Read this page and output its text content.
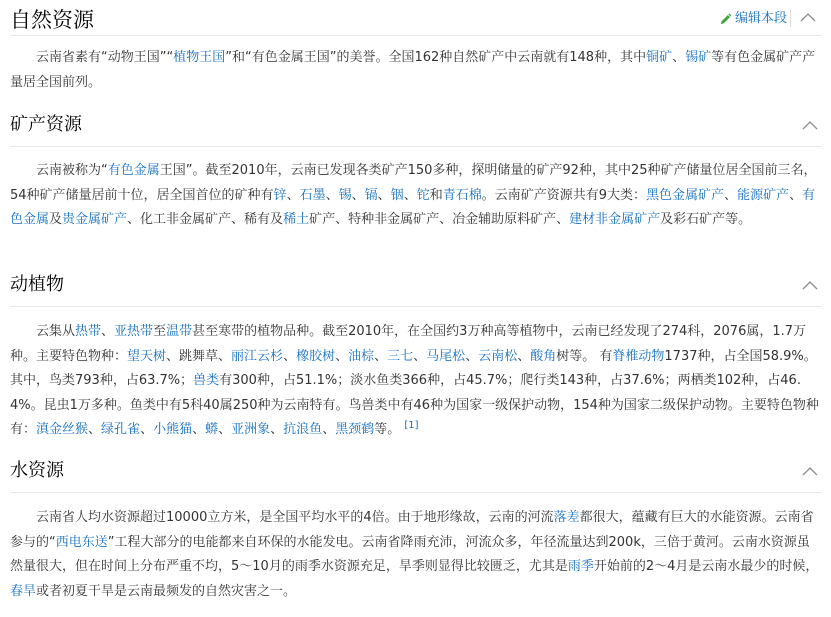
自然资源	编辑本段

云南省素有“动物王国”“植物王国”和“有色金属王国”的美誉。全国162种自然矿产中云南就有148种，其中铜矿、锡矿等有色金属矿产产量居全国前列。

矿产资源

云南被称为“有色金属王国”。截至2010年，云南已发现各类矿产150多种，探明储量的矿产92种，其中25种矿产储量位居全国前三名，54种矿产储量居前十位，居全国首位的矿种有锌、石墨、锡、镉、铟、铊和青石棉。云南矿产资源共有9大类：黑色金属矿产、能源矿产、有色金属及贵金属矿产、化工非金属矿产、稀有及稀土矿产、特种非金属矿产、冶金辅助原料矿产、建材非金属矿产及彩石矿产等。

动植物

云集从热带、亚热带至温带甚至寒带的植物品种。截至2010年，在全国约3万种高等植物中，云南已经发现了274科，2076属，1.7万种。主要特色物种：望天树、跳舞草、丽江云杉、橡胶树、油棕、三七、马尾松、云南松、酸角树等。 有脊椎动物1737种，占全国58.9%。其中，鸟类793种，占63.7%；兽类有300种，占51.1%；淡水鱼类366种，占45.7%；爬行类143种，占37.6%；两栖类102种，占46.4%。昆虫1万多种。鱼类中有5科40属250种为云南特有。鸟兽类中有46种为国家一级保护动物，154种为国家二级保护动物。主要特色物种有：滇金丝猴、绿孔雀、小熊猫、蟒、亚洲象、抗浪鱼、黑颈鹤等。 [1]

水资源

云南省人均水资源超过10000立方米，是全国平均水平的4倍。由于地形缘故，云南的河流落差都很大，蕴藏有巨大的水能资源。云南省参与的“西电东送”工程大部分的电能都来自环保的水能发电。云南省降雨充沛，河流众多，年径流量达到200k，三倍于黄河。云南水资源虽然量很大，但在时间上分布严重不均，5～10月的雨季水资源充足，旱季则显得比较匮乏，尤其是雨季开始前的2～4月是云南水最少的时候，春旱或者初夏干旱是云南最频发的自然灾害之一。
